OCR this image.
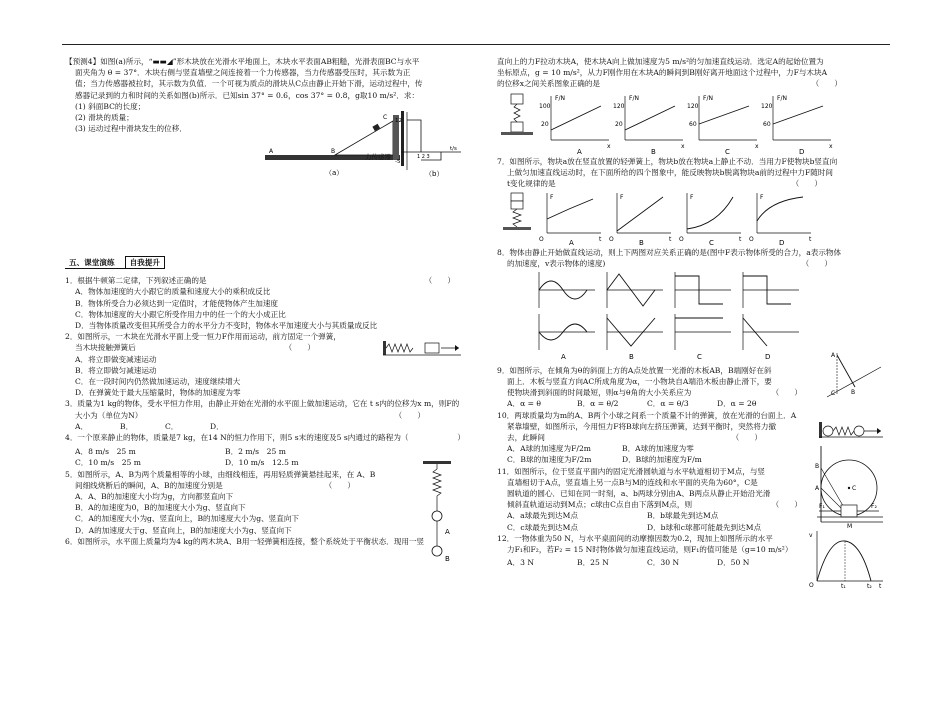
【预测4】如图(a)所示，“▬▬◢”形木块放在光滑水平地面上，木块水平表面AB粗糙，光滑表面BC与水平

面夹角为 θ = 37°．木块右侧与竖直墙壁之间连接着一个力传感器，当力传感器受压时，其示数为正

值；当力传感器被拉时，其示数为负值．一个可视为质点的滑块从C点由静止开始下滑，运动过程中，传

感器记录到的力和时间的关系如图(b)所示．已知sin 37° = 0.6，cos 37° = 0.8，g取10 m/s²．求：

(1) 斜面BC的长度；

(2) 滑块的质量；

(3) 运动过程中滑块发生的位移．

A	B
C
（a）
12
-5
t/s
1 2 3
（b）
力传感器
五、课堂演练 自我提升

1．根据牛顿第二定律，下列叙述正确的是	（　　）

A．物体加速度的大小跟它的质量和速度大小的乘积成反比

B．物体所受合力必须达到一定值时，才能使物体产生加速度

C．物体加速度的大小跟它所受作用力中的任一个的大小成正比

D．当物体质量改变但其所受合力的水平分力不变时，物体水平加速度大小与其质量成反比

2．如图所示，一木块在光滑水平面上受一恒力F作用而运动，前方固定一个弹簧，

当木块接触弹簧后	（　　）

A．将立即做变减速运动

B．将立即做匀减速运动

C．在一段时间内仍然做加速运动，速度继续增大

D．在弹簧处于最大压缩量时，物体的加速度为零

3．质量为1 kg的物体，受水平恒力作用，由静止开始在光滑的水平面上做加速运动，它在 t s内的位移为x m，则F的

大小为（单位为N）	（　　）

A．	B．	C．	D．

4．一个原来静止的物体，质量是7 kg，在14 N的恒力作用下，则5 s末的速度及5 s内通过的路程为（	）

A．8 m/s　25 m	B．2 m/s　25 m
C．10 m/s　25 m	D．10 m/s　12.5 m

5．如图所示，A、B为两个质量相等的小球，由细线相连，再用轻质弹簧悬挂起来，在 A、B

间细线烧断后的瞬间，A、B的加速度分别是	（　　）

A．A、B的加速度大小均为g，方向都竖直向下

B．A的加速度为0，B的加速度大小为g、竖直向下

C．A的加速度大小为g、竖直向上，B的加速度大小为g、竖直向下

D．A的加速度大于g、竖直向上，B的加速度大小为g、竖直向下	A
B

6．如图所示，水平面上质量均为4 kg的两木块A、B用一轻弹簧相连接，整个系统处于平衡状态．现用一竖

直向上的力F拉动木块A，使木块A向上做加速度为5 m/s²的匀加速直线运动．选定A的起始位置为

坐标原点，g = 10 m/s²，从力F刚作用在木块A的瞬间到B刚好离开地面这个过程中，力F与木块A

的位移x之间关系图象正确的是	（　　）

F/N
x
100
20
A
F/N
x
120
20
B
F/N
x
120
60
C
F/N
x
120
60
D

7．如图所示，物块a放在竖直放置的轻弹簧上，物块b放在物块a上静止不动．当用力F使物块b竖直向

上做匀加速直线运动时，在下面所给的四个图象中，能反映物块b脱离物块a前的过程中力F随时间

t变化规律的是	（　　）

F
t
O	A
F
t
O	B
F
t
O	C
F
t
O	D

8．物体由静止开始做直线运动，则上下两图对应关系正确的是(图中F表示物体所受的合力，a表示物体

的加速度，v表示物体的速度)	（　　）

A	B	C	D

9．如图所示，在倾角为θ的斜面上方的A点处放置一光滑的木板AB，B端刚好在斜

面上．木板与竖直方向AC所成角度为α，一小物块自A端沿木板由静止滑下，要

使物块滑到斜面的时间最短，则α与θ角的大小关系应为	（　　）

A．α = θ	B．α = θ/2	C．α = θ/3	D．α = 2θ
A
B
C

10．两球质量均为m的A、B两个小球之间系一个质量不计的弹簧，放在光滑的台面上．A

紧靠墙壁，如图所示，今用恒力F将B球向左挤压弹簧，达到平衡时，突然将力撤

去，此瞬间	（　　）

A．A球的加速度为F/2m	B．A球的加速度为零
C．B球的加速度为F/2m	D．B球的加速度为F/m

11．如图所示，位于竖直平面内的固定光滑圆轨道与水平轨道相切于M点，与竖

直墙相切于A点，竖直墙上另一点B与M的连线和水平面的夹角为60°，C是

圆轨道的圆心．已知在同一时刻，a、b两球分别由A、B两点从静止开始沿光滑

倾斜直轨道运动到M点；c球由C点自由下落到M点，则	（　　）

A．a球最先到达M点	B．b球最先到达M点
C．c球最先到达M点	D．b球和c球都可能最先到达M点
A
B
C
M

12．一物体重为50 N，与水平桌面间的动摩擦因数为0.2，现加上如图所示的水平

力F₁和F₂，若F₂ = 15 N时物体做匀加速直线运动，则F₁的值可能是（g=10 m/s²）

A．3 N	B．25 N	C．30 N	D．50 N
F₁	F₂
v
O	t₁	t₂ t
